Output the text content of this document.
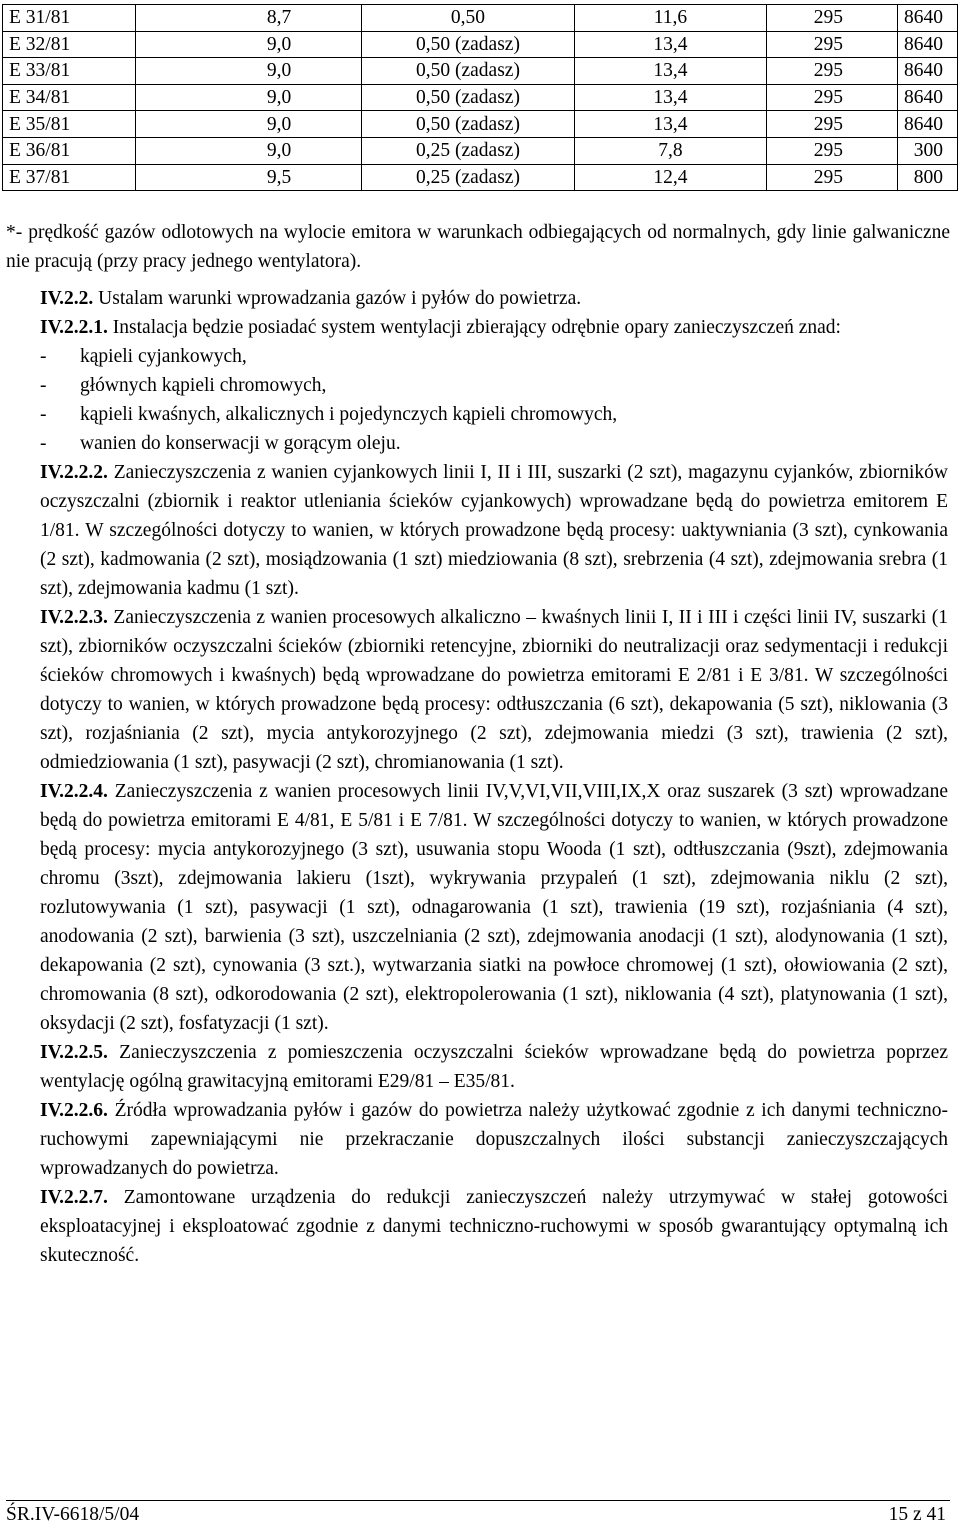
E 31/81	8,7	0,50	11,6	295	8640
E 32/81	9,0	0,50 (zadasz)	13,4	295	8640
E 33/81	9,0	0,50 (zadasz)	13,4	295	8640
E 34/81	9,0	0,50 (zadasz)	13,4	295	8640
E 35/81	9,0	0,50 (zadasz)	13,4	295	8640
E 36/81	9,0	0,25 (zadasz)	7,8	295	300
E 37/81	9,5	0,25 (zadasz)	12,4	295	800

*- prędkość gazów odlotowych na wylocie emitora w warunkach odbiegających od normalnych, gdy linie galwaniczne nie pracują (przy pracy jednego wentylatora).

IV.2.2. Ustalam warunki wprowadzania gazów i pyłów do powietrza.

IV.2.2.1. Instalacja będzie posiadać system wentylacji zbierający odrębnie opary zanieczyszczeń znad:

- kąpieli cyjankowych,
- głównych kąpieli chromowych,
- kąpieli kwaśnych, alkalicznych i pojedynczych kąpieli chromowych,
- wanien do konserwacji w gorącym oleju.

IV.2.2.2. Zanieczyszczenia z wanien cyjankowych linii I, II i III, suszarki (2 szt), magazynu cyjanków, zbiorników oczyszczalni (zbiornik i reaktor utleniania ścieków cyjankowych) wprowadzane będą do powietrza emitorem E 1/81. W szczególności dotyczy to wanien, w których prowadzone będą procesy: uaktywniania (3 szt), cynkowania (2 szt), kadmowania (2 szt), mosiądzowania (1 szt) miedziowania (8 szt), srebrzenia (4 szt), zdejmowania srebra (1 szt), zdejmowania kadmu (1 szt).

IV.2.2.3. Zanieczyszczenia z wanien procesowych alkaliczno – kwaśnych linii I, II i III i części linii IV, suszarki (1 szt), zbiorników oczyszczalni ścieków (zbiorniki retencyjne, zbiorniki do neutralizacji oraz sedymentacji i redukcji ścieków chromowych i kwaśnych) będą wprowadzane do powietrza emitorami E 2/81 i E 3/81. W szczególności dotyczy to wanien, w których prowadzone będą procesy: odtłuszczania (6 szt), dekapowania (5 szt), niklowania (3 szt), rozjaśniania (2 szt), mycia antykorozyjnego (2 szt), zdejmowania miedzi (3 szt), trawienia (2 szt), odmiedziowania (1 szt), pasywacji (2 szt), chromianowania (1 szt).

IV.2.2.4. Zanieczyszczenia z wanien procesowych linii IV,V,VI,VII,VIII,IX,X oraz suszarek (3 szt) wprowadzane będą do powietrza emitorami E 4/81, E 5/81 i E 7/81. W szczególności dotyczy to wanien, w których prowadzone będą procesy: mycia antykorozyjnego (3 szt), usuwania stopu Wooda (1 szt), odtłuszczania (9szt), zdejmowania chromu (3szt), zdejmowania lakieru (1szt), wykrywania przypaleń (1 szt), zdejmowania niklu (2 szt), rozlutowywania (1 szt), pasywacji (1 szt), odnagarowania (1 szt), trawienia (19 szt), rozjaśniania (4 szt), anodowania (2 szt), barwienia (3 szt), uszczelniania (2 szt), zdejmowania anodacji (1 szt), alodynowania (1 szt), dekapowania (2 szt), cynowania (3 szt.), wytwarzania siatki na powłoce chromowej (1 szt), ołowiowania (2 szt), chromowania (8 szt), odkorodowania (2 szt), elektropolerowania (1 szt), niklowania (4 szt), platynowania (1 szt), oksydacji (2 szt), fosfatyzacji (1 szt).

IV.2.2.5. Zanieczyszczenia z pomieszczenia oczyszczalni ścieków wprowadzane będą do powietrza poprzez wentylację ogólną grawitacyjną emitorami E29/81 – E35/81.

IV.2.2.6. Źródła wprowadzania pyłów i gazów do powietrza należy użytkować zgodnie z ich danymi techniczno-ruchowymi zapewniającymi nie przekraczanie dopuszczalnych ilości substancji zanieczyszczających wprowadzanych do powietrza.

IV.2.2.7. Zamontowane urządzenia do redukcji zanieczyszczeń należy utrzymywać w stałej gotowości eksploatacyjnej i eksploatować zgodnie z danymi techniczno-ruchowymi w sposób gwarantujący optymalną ich skuteczność.

ŚR.IV-6618/5/04	15 z 41
